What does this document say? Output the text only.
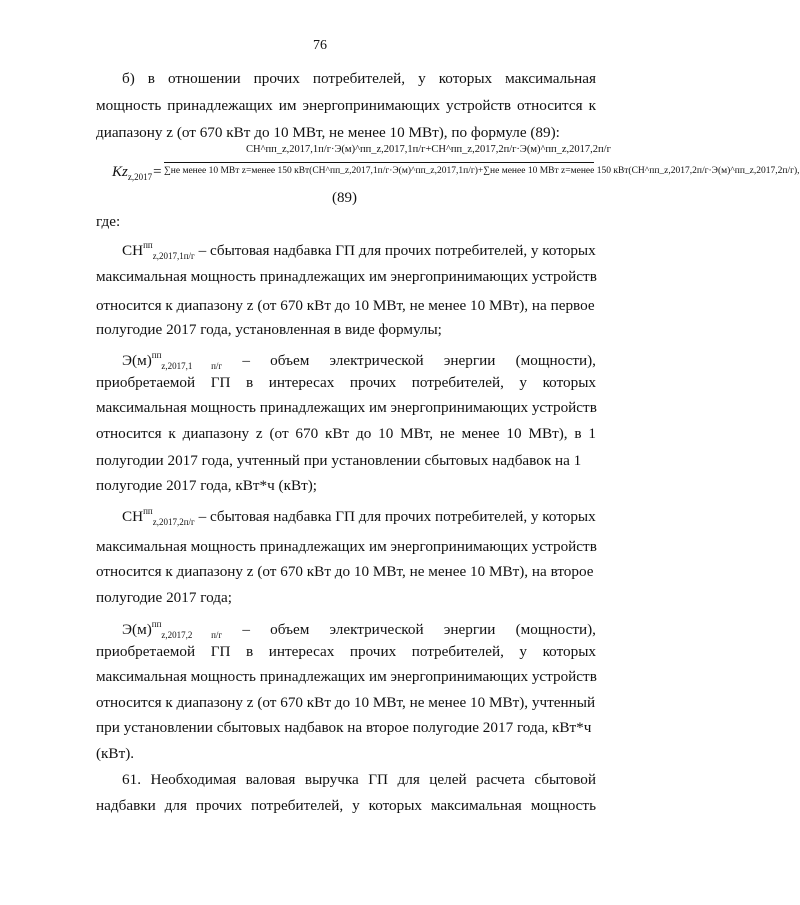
76
б) в отношении прочих потребителей, у которых максимальная
мощность принадлежащих им энергопринимающих устройств относится к
диапазону z (от 670 кВт до 10 МВт, не менее 10 МВт), по формуле (89):
$Kz_{z,2017}=$
СН^пп_z,2017,1п/г·Э(м)^пп_z,2017,1п/г+СН^пп_z,2017,2п/г·Э(м)^пп_z,2017,2п/г
∑не менее 10 МВт z=менее 150 кВт(СН^пп_z,2017,1п/г·Э(м)^пп_z,2017,1п/г)+∑не менее 10 МВт z=менее 150 кВт(СН^пп_z,2017,2п/г·Э(м)^пп_z,2017,2п/г),
(89)
где:
$СН^{пп}_{z,2017,1п/г}$ – сбытовая надбавка ГП для прочих потребителей, у которых
максимальная мощность принадлежащих им энергопринимающих устройств
относится к диапазону z (от 670 кВт до 10 МВт, не менее 10 МВт), на первое
полугодие 2017 года, установленная в виде формулы;
$Э(м)^{пп}_{z,2017,1 п/г}$ – объем электрической энергии (мощности),
приобретаемой ГП в интересах прочих потребителей, у которых
максимальная мощность принадлежащих им энергопринимающих устройств
относится к диапазону z (от 670 кВт до 10 МВт, не менее 10 МВт), в 1
полугодии 2017 года, учтенный при установлении сбытовых надбавок на 1
полугодие 2017 года, кВт*ч (кВт);
$СН^{пп}_{z,2017,2п/г}$ – сбытовая надбавка ГП для прочих потребителей, у которых
максимальная мощность принадлежащих им энергопринимающих устройств
относится к диапазону z (от 670 кВт до 10 МВт, не менее 10 МВт), на второе
полугодие 2017 года;
$Э(м)^{пп}_{z,2017,2 п/г}$ – объем электрической энергии (мощности),
приобретаемой ГП в интересах прочих потребителей, у которых
максимальная мощность принадлежащих им энергопринимающих устройств
относится к диапазону z (от 670 кВт до 10 МВт, не менее 10 МВт), учтенный
при установлении сбытовых надбавок на второе полугодие 2017 года, кВт*ч
(кВт).
61. Необходимая валовая выручка ГП для целей расчета сбытовой
надбавки для прочих потребителей, у которых максимальная мощность
